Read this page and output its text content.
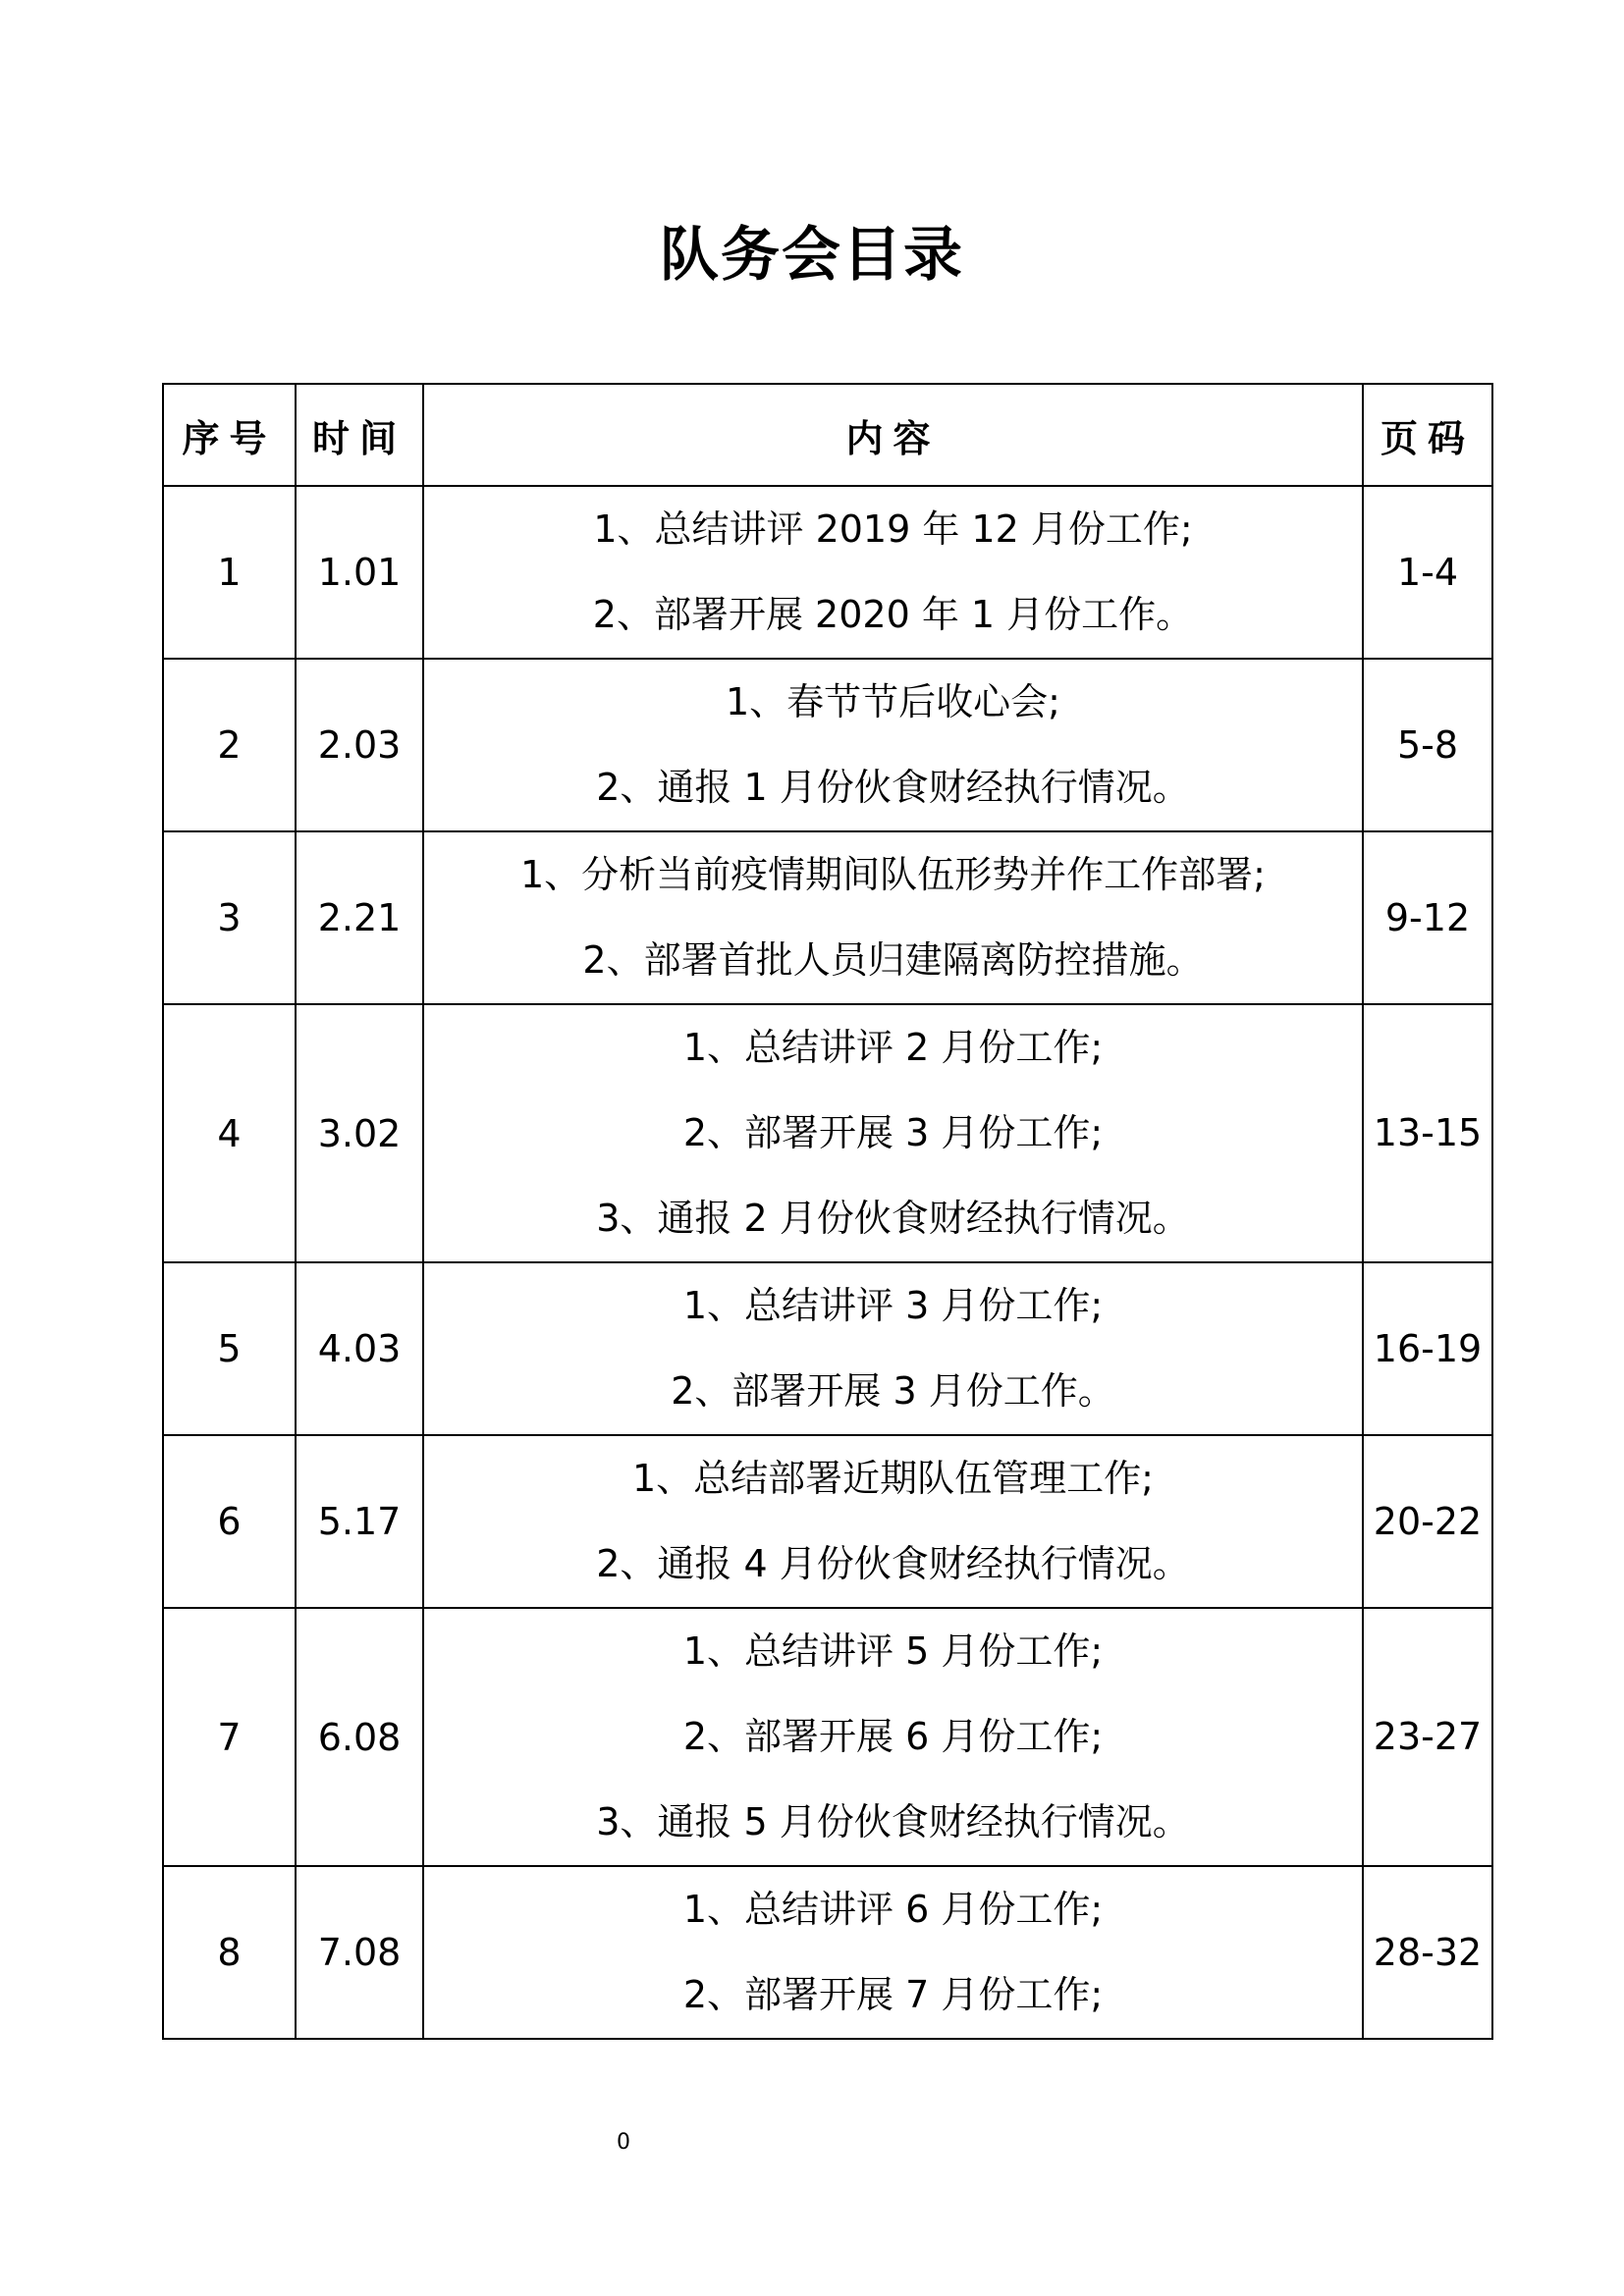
队务会目录
序号	时间	内容	页码
1	1.01	1、总结讲评 2019 年 12 月份工作;
2、部署开展 2020 年 1 月份工作。	1-4
2	2.03	1、春节节后收心会;
2、通报 1 月份伙食财经执行情况。	5-8
3	2.21	1、分析当前疫情期间队伍形势并作工作部署;
2、部署首批人员归建隔离防控措施。	9-12
4	3.02	1、总结讲评 2 月份工作;
2、部署开展 3 月份工作;
3、通报 2 月份伙食财经执行情况。	13-15
5	4.03	1、总结讲评 3 月份工作;
2、部署开展 3 月份工作。	16-19
6	5.17	1、总结部署近期队伍管理工作;
2、通报 4 月份伙食财经执行情况。	20-22
7	6.08	1、总结讲评 5 月份工作;
2、部署开展 6 月份工作;
3、通报 5 月份伙食财经执行情况。	23-27
8	7.08	1、总结讲评 6 月份工作;
2、部署开展 7 月份工作;	28-32
0
